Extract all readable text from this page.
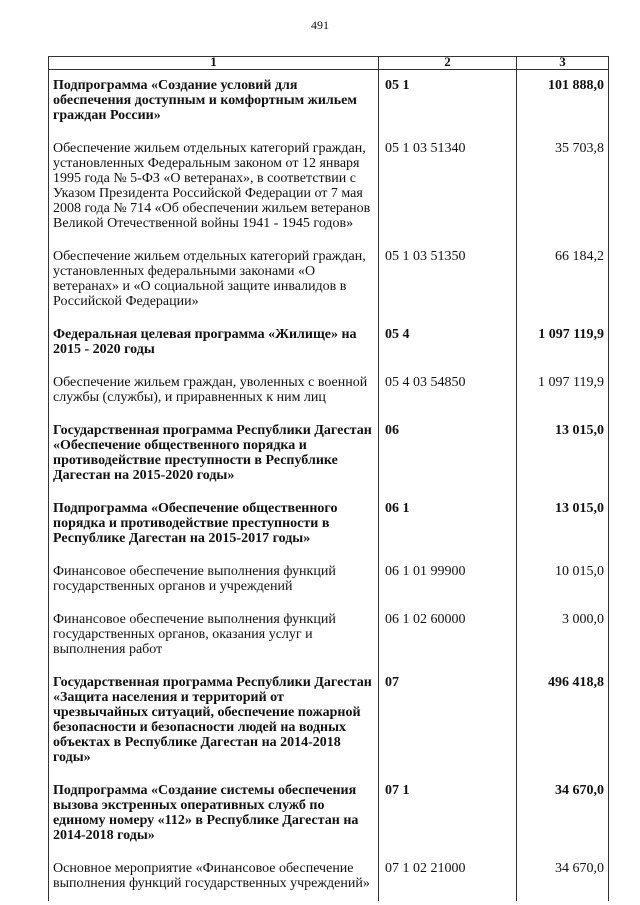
491
1	2	3
Подпрограмма «Создание условий для обеспечения доступным и комфортным жильем граждан России»	05 1	101 888,0
Обеспечение жильем отдельных категорий граждан, установленных Федеральным законом от 12 января 1995 года № 5-ФЗ «О ветеранах», в соответствии с Указом Президента Российской Федерации от 7 мая 2008 года № 714 «Об обеспечении жильем ветеранов Великой Отечественной войны 1941 - 1945 годов»	05 1 03 51340	35 703,8
Обеспечение жильем отдельных категорий граждан, установленных федеральными законами «О ветеранах» и «О социальной защите инвалидов в Российской Федерации»	05 1 03 51350	66 184,2
Федеральная целевая программа «Жилище» на 2015 - 2020 годы	05 4	1 097 119,9
Обеспечение жильем граждан, уволенных с военной службы (службы), и приравненных к ним лиц	05 4 03 54850	1 097 119,9
Государственная программа Республики Дагестан «Обеспечение общественного порядка и противодействие преступности в Республике Дагестан на 2015-2020 годы»	06	13 015,0
Подпрограмма «Обеспечение общественного порядка и противодействие преступности в Республике Дагестан на 2015-2017 годы»	06 1	13 015,0
Финансовое обеспечение выполнения функций государственных органов и учреждений	06 1 01 99900	10 015,0
Финансовое обеспечение выполнения функций государственных органов, оказания услуг и выполнения работ	06 1 02 60000	3 000,0
Государственная программа Республики Дагестан «Защита населения и территорий от чрезвычайных ситуаций, обеспечение пожарной безопасности и безопасности людей на водных объектах в Республике Дагестан на 2014-2018 годы»	07	496 418,8
Подпрограмма «Создание системы обеспечения вызова экстренных оперативных служб по единому номеру «112» в Республике Дагестан на 2014-2018 годы»	07 1	34 670,0
Основное мероприятие «Финансовое обеспечение выполнения функций государственных учреждений»	07 1 02 21000	34 670,0
